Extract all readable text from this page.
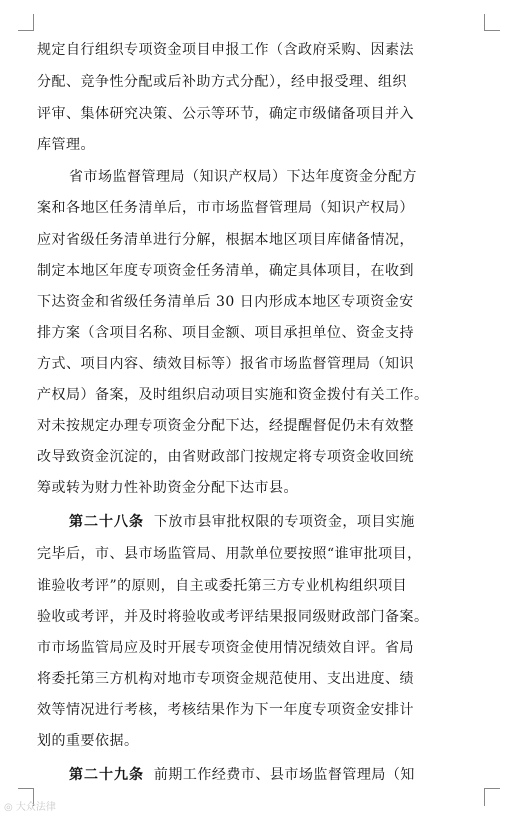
规定自行组织专项资金项目申报工作（含政府采购、因素法
分配、竞争性分配或后补助方式分配），经申报受理、组织
评审、集体研究决策、公示等环节，确定市级储备项目并入
库管理。
省市场监督管理局（知识产权局）下达年度资金分配方
案和各地区任务清单后，市市场监督管理局（知识产权局）
应对省级任务清单进行分解，根据本地区项目库储备情况，
制定本地区年度专项资金任务清单，确定具体项目，在收到
下达资金和省级任务清单后 30 日内形成本地区专项资金安
排方案（含项目名称、项目金额、项目承担单位、资金支持
方式、项目内容、绩效目标等）报省市场监督管理局（知识
产权局）备案，及时组织启动项目实施和资金拨付有关工作。
对未按规定办理专项资金分配下达，经提醒督促仍未有效整
改导致资金沉淀的，由省财政部门按规定将专项资金收回统
筹或转为财力性补助资金分配下达市县。
第二十八条 下放市县审批权限的专项资金，项目实施
完毕后，市、县市场监管局、用款单位要按照“谁审批项目，
谁验收考评”的原则，自主或委托第三方专业机构组织项目
验收或考评，并及时将验收或考评结果报同级财政部门备案。
市市场监管局应及时开展专项资金使用情况绩效自评。省局
将委托第三方机构对地市专项资金规范使用、支出进度、绩
效等情况进行考核，考核结果作为下一年度专项资金安排计
划的重要依据。
第二十九条 前期工作经费市、县市场监督管理局（知
◎ 大众法律
